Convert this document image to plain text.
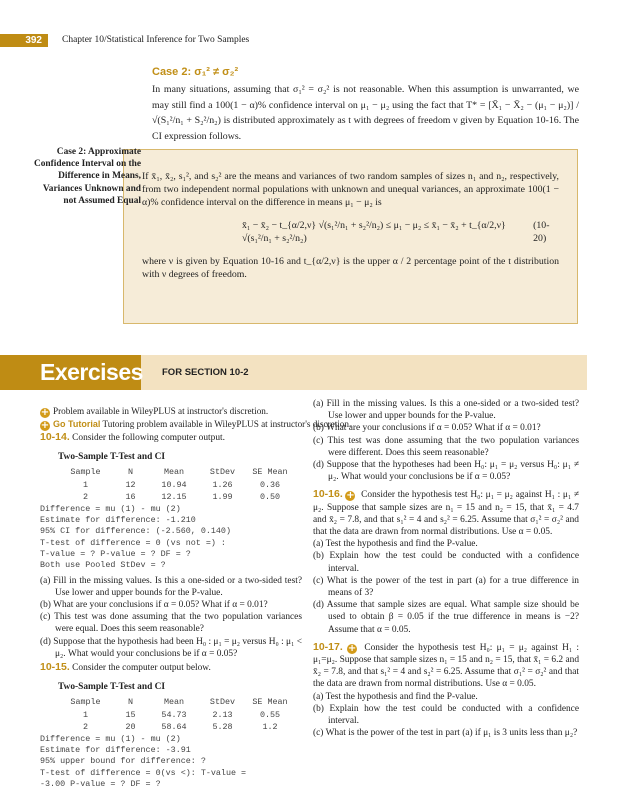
392	Chapter 10/Statistical Inference for Two Samples
Case 2: σ₁² ≠ σ₂²
In many situations, assuming that σ₁² = σ₂² is not reasonable. When this assumption is unwarranted, we may still find a 100(1 − α)% confidence interval on μ₁ − μ₂ using the fact that T* = [X̄₁ − X̄₂ − (μ₁ − μ₂)] / √(S₁²/n₁ + S₂²/n₂) is distributed approximately as t with degrees of freedom ν given by Equation 10-16. The CI expression follows.

If x̄₁, x̄₂, s₁², and s₂² are the means and variances of two random samples of sizes n₁ and n₂, respectively, from two independent normal populations with unknown and unequal variances, an approximate 100(1 − α)% confidence interval on the difference in means μ₁ − μ₂ is

x̄₁ − x̄₂ − t_{α/2,ν} √(s₁²/n₁ + s₂²/n₂) ≤ μ₁ − μ₂ ≤ x̄₁ − x̄₂ + t_{α/2,ν} √(s₁²/n₁ + s₂²/n₂)
(10-20)

where ν is given by Equation 10-16 and t_{α/2,ν} is the upper α / 2 percentage point of the t distribution with ν degrees of freedom.

Case 2: Approximate Confidence Interval on the Difference in Means, Variances Unknown and not Assumed Equal
Exercises FOR SECTION 10-2
+ Problem available in WileyPLUS at instructor's discretion.
+ Go Tutorial Tutoring problem available in WileyPLUS at instructor's discretion.
10-14. Consider the following computer output.
Two-Sample T-Test and CI
Sample	N	Mean	StDev	SE Mean
1	12	10.94	1.26	0.36
2	16	12.15	1.99	0.50
Difference = mu (1) - mu (2)
Estimate for difference: -1.210
95% CI for difference: (-2.560, 0.140)
T-test of difference = 0 (vs not =) :
T-value = ? P-value = ? DF = ?
Both use Pooled StDev = ?
(a) Fill in the missing values. Is this a one-sided or a two-sided test? Use lower and upper bounds for the P-value.
(b) What are your conclusions if α = 0.05? What if α = 0.01?
(c) This test was done assuming that the two population variances were equal. Does this seem reasonable?
(d) Suppose that the hypothesis had been H₀ : μ₁ = μ₂ versus H₀ : μ₁ < μ₂. What would your conclusions be if α = 0.05?
10-15. Consider the computer output below.
Two-Sample T-Test and CI
Sample	N	Mean	StDev	SE Mean
1	15	54.73	2.13	0.55
2	20	58.64	5.28	1.2
Difference = mu (1) - mu (2)
Estimate for difference: -3.91
95% upper bound for difference: ?
T-test of difference = 0(vs <): T-value =
-3.00 P-value = ? DF = ?
(a) Fill in the missing values. Is this a one-sided or a two-sided test? Use lower and upper bounds for the P-value.
(b) What are your conclusions if α = 0.05? What if α = 0.01?
(c) This test was done assuming that the two population variances were different. Does this seem reasonable?
(d) Suppose that the hypotheses had been H₀: μ₁ = μ₂ versus H₀: μ₁ ≠ μ₂. What would your conclusions be if α = 0.05?
10-16. + Consider the hypothesis test H₀: μ₁ = μ₂ against H₁ : μ₁ ≠ μ₂. Suppose that sample sizes are n₁ = 15 and n₂ = 15, that x̄₁ = 4.7 and x̄₂ = 7.8, and that s₁² = 4 and s₂² = 6.25. Assume that σ₁² = σ₂² and that the data are drawn from normal distributions. Use α = 0.05.
(a) Test the hypothesis and find the P-value.
(b) Explain how the test could be conducted with a confidence interval.
(c) What is the power of the test in part (a) for a true difference in means of 3?
(d) Assume that sample sizes are equal. What sample size should be used to obtain β = 0.05 if the true difference in means is −2? Assume that α = 0.05.
10-17. + Consider the hypothesis test H₀: μ₁ = μ₂ against H₁ : μ₁=μ₂. Suppose that sample sizes n₁ = 15 and n₂ = 15, that x̄₁ = 6.2 and x̄₂ = 7.8, and that s₁² = 4 and s₂² = 6.25. Assume that σ₁² = σ₂² and that the data are drawn from normal distributions. Use α = 0.05.
(a) Test the hypothesis and find the P-value.
(b) Explain how the test could be conducted with a confidence interval.
(c) What is the power of the test in part (a) if μ₁ is 3 units less than μ₂?
